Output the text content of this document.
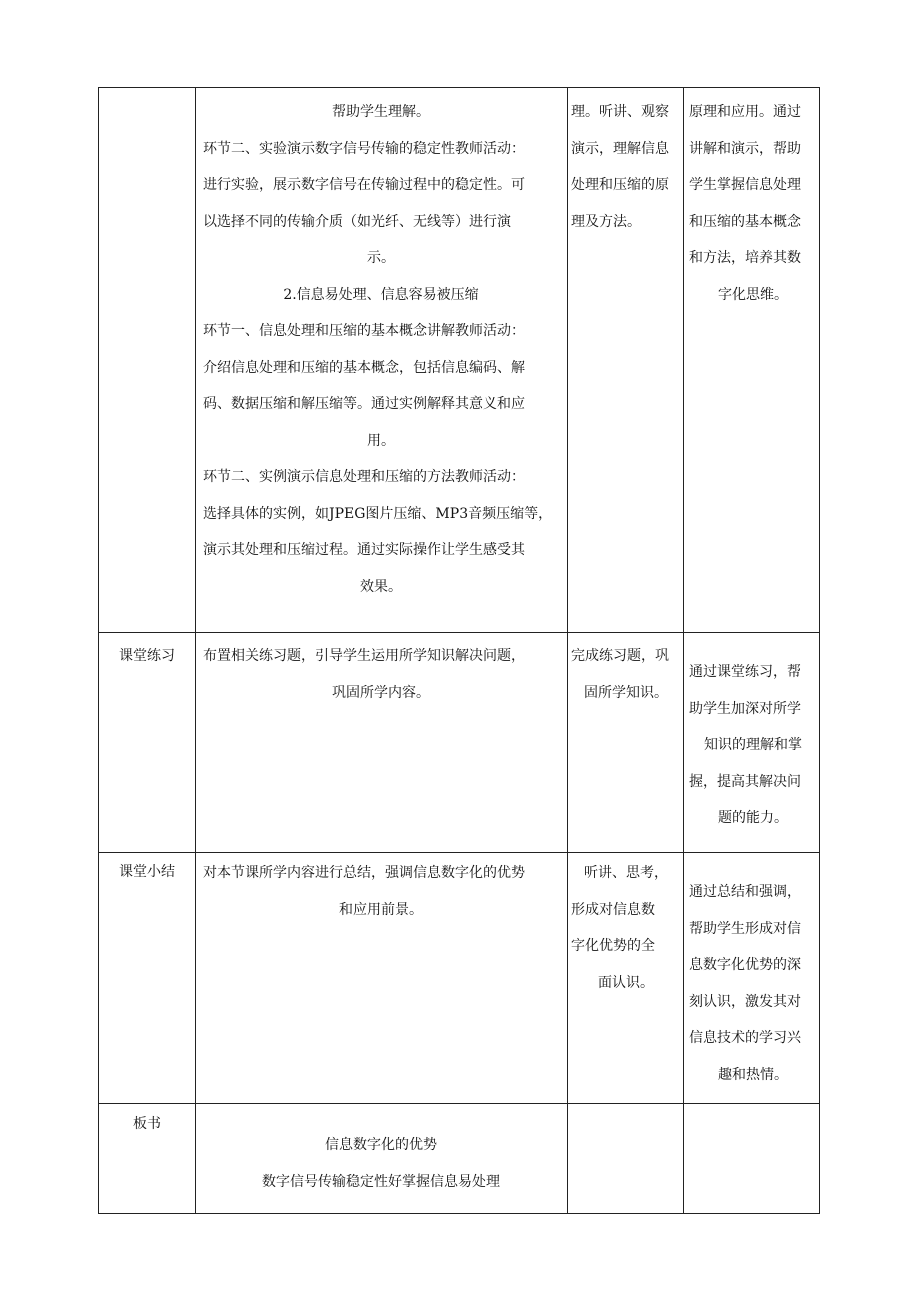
帮助学生理解。
环节二、实验演示数字信号传输的稳定性教师活动：
进行实验，展示数字信号在传输过程中的稳定性。可
以选择不同的传输介质（如光纤、无线等）进行演
示。
2.信息易处理、信息容易被压缩
环节一、信息处理和压缩的基本概念讲解教师活动：
介绍信息处理和压缩的基本概念，包括信息编码、解
码、数据压缩和解压缩等。通过实例解释其意义和应
用。
环节二、实例演示信息处理和压缩的方法教师活动：
选择具体的实例，如JPEG图片压缩、MP3音频压缩等，
演示其处理和压缩过程。通过实际操作让学生感受其
效果。
理。听讲、观察
演示，理解信息
处理和压缩的原
理及方法。
原理和应用。通过
讲解和演示，帮助
学生掌握信息处理
和压缩的基本概念
和方法，培养其数
字化思维。
课堂练习	布置相关练习题，引导学生运用所学知识解决问题，
巩固所学内容。
完成练习题，巩
固所学知识。
通过课堂练习，帮
助学生加深对所学
知识的理解和掌
握，提高其解决问
题的能力。
课堂小结	对本节课所学内容进行总结，强调信息数字化的优势
和应用前景。
听讲、思考，
形成对信息数
字化优势的全
面认识。
通过总结和强调，
帮助学生形成对信
息数字化优势的深
刻认识，激发其对
信息技术的学习兴
趣和热情。
板书
信息数字化的优势
数字信号传输稳定性好掌握信息易处理
